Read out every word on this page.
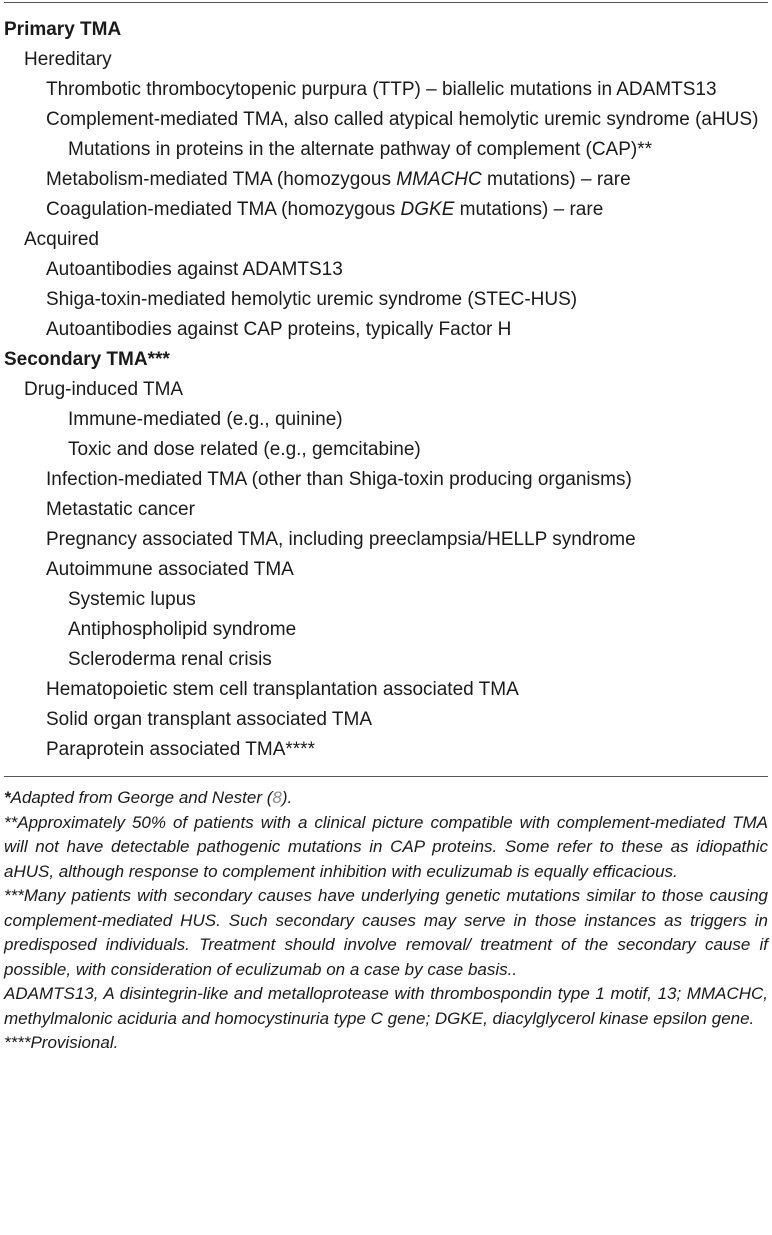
Primary TMA
Hereditary
Thrombotic thrombocytopenic purpura (TTP) – biallelic mutations in ADAMTS13
Complement-mediated TMA, also called atypical hemolytic uremic syndrome (aHUS)
Mutations in proteins in the alternate pathway of complement (CAP)**
Metabolism-mediated TMA (homozygous MMACHC mutations) – rare
Coagulation-mediated TMA (homozygous DGKE mutations) – rare
Acquired
Autoantibodies against ADAMTS13
Shiga-toxin-mediated hemolytic uremic syndrome (STEC-HUS)
Autoantibodies against CAP proteins, typically Factor H
Secondary TMA***
Drug-induced TMA
Immune-mediated (e.g., quinine)
Toxic and dose related (e.g., gemcitabine)
Infection-mediated TMA (other than Shiga-toxin producing organisms)
Metastatic cancer
Pregnancy associated TMA, including preeclampsia/HELLP syndrome
Autoimmune associated TMA
Systemic lupus
Antiphospholipid syndrome
Scleroderma renal crisis
Hematopoietic stem cell transplantation associated TMA
Solid organ transplant associated TMA
Paraprotein associated TMA****

*Adapted from George and Nester (8).

**Approximately 50% of patients with a clinical picture compatible with complement-mediated TMA will not have detectable pathogenic mutations in CAP proteins. Some refer to these as idiopathic aHUS, although response to complement inhibition with eculizumab is equally efficacious.

***Many patients with secondary causes have underlying genetic mutations similar to those causing complement-mediated HUS. Such secondary causes may serve in those instances as triggers in predisposed individuals. Treatment should involve removal/ treatment of the secondary cause if possible, with consideration of eculizumab on a case by case basis..

ADAMTS13, A disintegrin-like and metalloprotease with thrombospondin type 1 motif, 13; MMACHC, methylmalonic aciduria and homocystinuria type C gene; DGKE, diacylglycerol kinase epsilon gene.

****Provisional.
